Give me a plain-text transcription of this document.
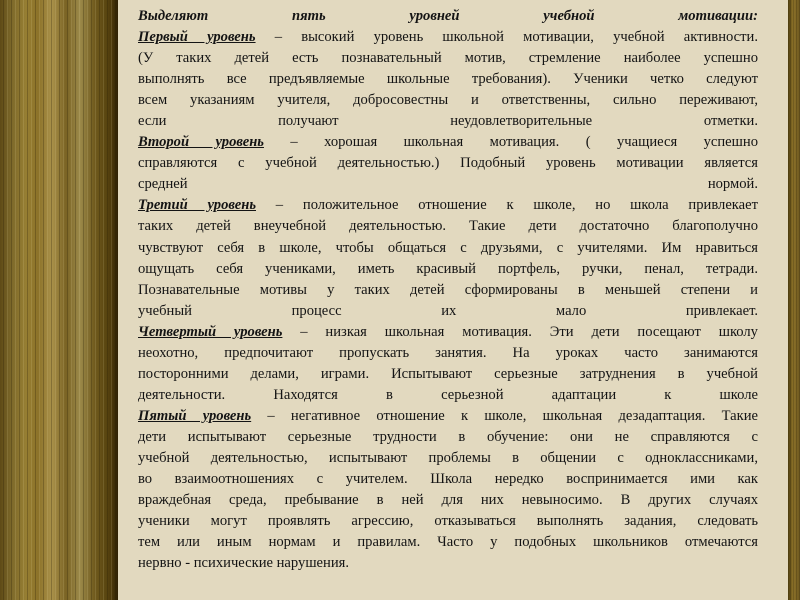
Выделяют пять уровней учебной мотивации:
Первый уровень – высокий уровень школьной мотивации, учебной активности.
(У таких детей есть познавательный мотив, стремление наиболее успешно
выполнять все предъявляемые школьные требования). Ученики четко следуют
всем указаниям учителя, добросовестны и ответственны, сильно переживают,
если получают неудовлетворительные отметки.
Второй уровень – хорошая школьная мотивация. ( учащиеся успешно
справляются с учебной деятельностью.) Подобный уровень мотивации является
средней нормой.
Третий уровень – положительное отношение к школе, но школа привлекает
таких детей внеучебной деятельностью. Такие дети достаточно благополучно
чувствуют себя в школе, чтобы общаться с друзьями, с учителями. Им нравиться
ощущать себя учениками, иметь красивый портфель, ручки, пенал, тетради.
Познавательные мотивы у таких детей сформированы в меньшей степени и
учебный процесс их мало привлекает.
Четвертый уровень – низкая школьная мотивация. Эти дети посещают школу
неохотно, предпочитают пропускать занятия. На уроках часто занимаются
посторонними делами, играми. Испытывают серьезные затруднения в учебной
деятельности. Находятся в серьезной адаптации к школе
Пятый уровень – негативное отношение к школе, школьная дезадаптация. Такие
дети испытывают серьезные трудности в обучение: они не справляются с
учебной деятельностью, испытывают проблемы в общении с одноклассниками,
во взаимоотношениях с учителем. Школа нередко воспринимается ими как
враждебная среда, пребывание в ней для них невыносимо. В других случаях
ученики могут проявлять агрессию, отказываться выполнять задания, следовать
тем или иным нормам и правилам. Часто у подобных школьников отмечаются
нервно - психические нарушения.
